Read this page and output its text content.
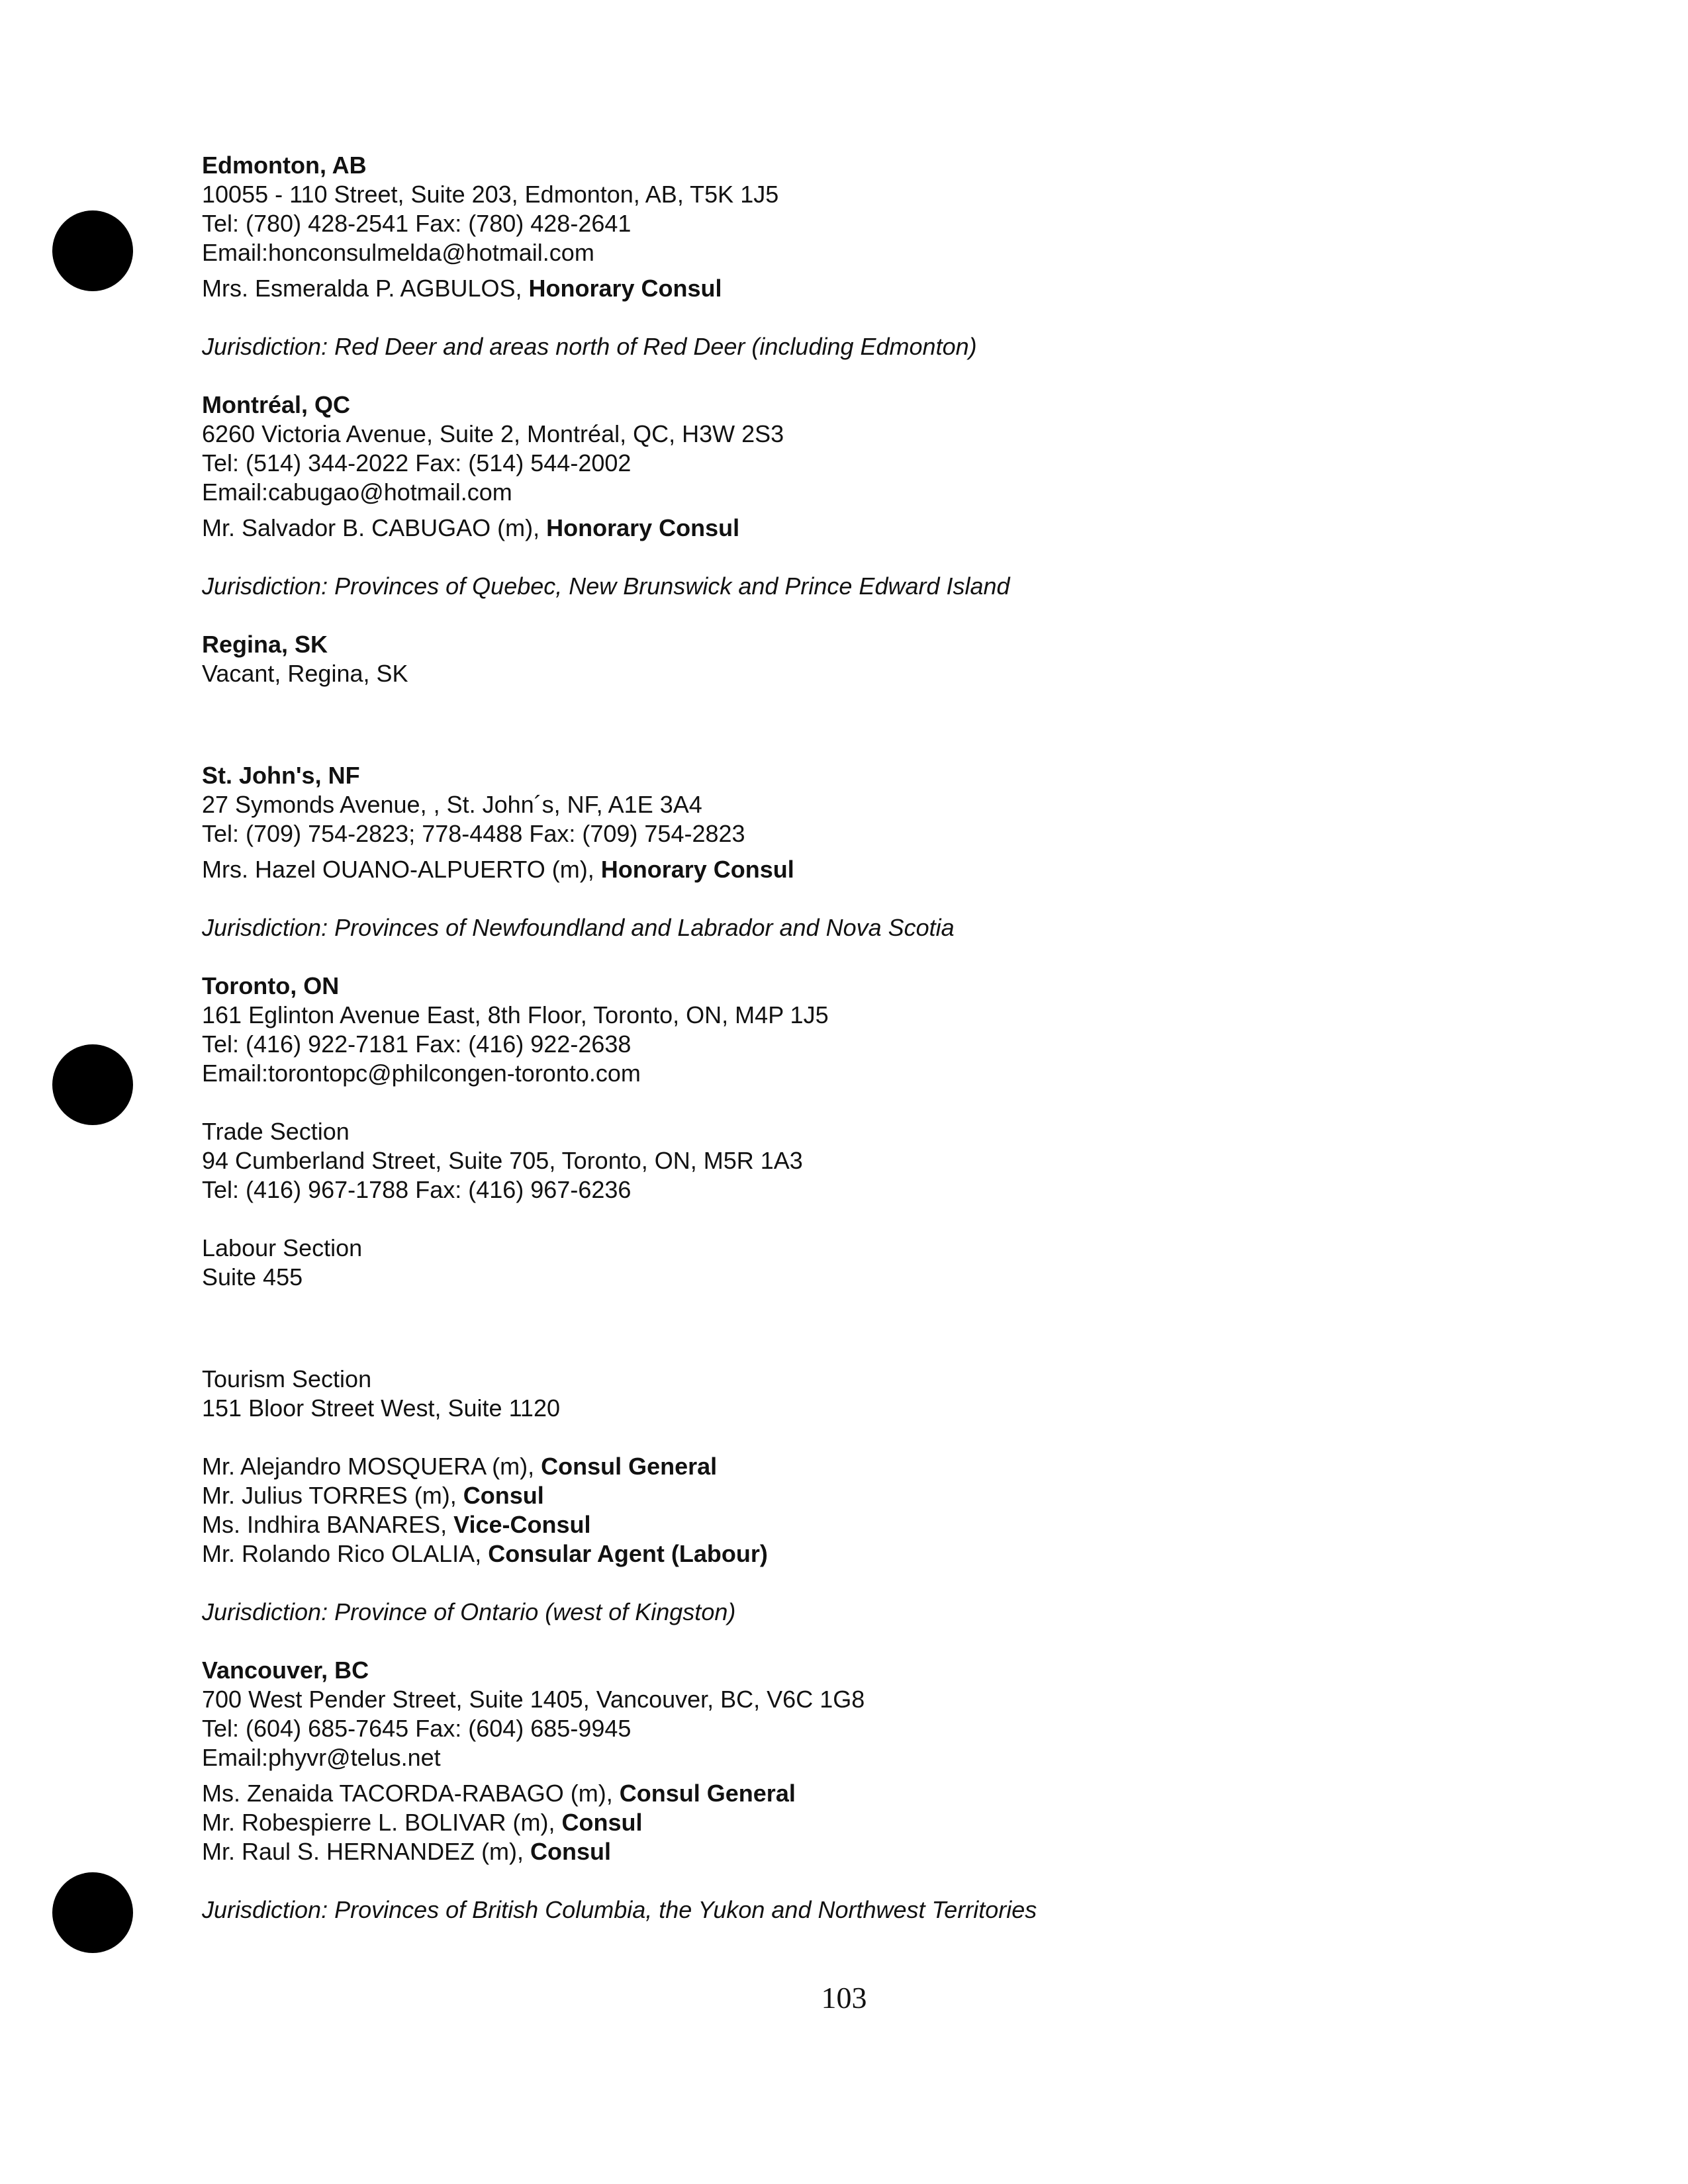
Edmonton, AB
10055 - 110 Street, Suite 203, Edmonton, AB, T5K 1J5
Tel: (780) 428-2541 Fax: (780) 428-2641
Email:honconsulmelda@hotmail.com
Mrs. Esmeralda P. AGBULOS, Honorary Consul
Jurisdiction: Red Deer and areas north of Red Deer (including Edmonton)
Montréal, QC
6260 Victoria Avenue, Suite 2, Montréal, QC, H3W 2S3
Tel: (514) 344-2022 Fax: (514) 544-2002
Email:cabugao@hotmail.com
Mr. Salvador B. CABUGAO (m), Honorary Consul
Jurisdiction: Provinces of Quebec, New Brunswick and Prince Edward Island
Regina, SK
Vacant, Regina, SK
St. John's, NF
27 Symonds Avenue, , St. John´s, NF, A1E 3A4
Tel: (709) 754-2823; 778-4488 Fax: (709) 754-2823
Mrs. Hazel OUANO-ALPUERTO (m), Honorary Consul
Jurisdiction: Provinces of Newfoundland and Labrador and Nova Scotia
Toronto, ON
161 Eglinton Avenue East, 8th Floor, Toronto, ON, M4P 1J5
Tel: (416) 922-7181 Fax: (416) 922-2638
Email:torontopc@philcongen-toronto.com
Trade Section
94 Cumberland Street, Suite 705, Toronto, ON, M5R 1A3
Tel: (416) 967-1788 Fax: (416) 967-6236
Labour Section
Suite 455
Tourism Section
151 Bloor Street West, Suite 1120
Mr. Alejandro MOSQUERA (m), Consul General
Mr. Julius TORRES (m), Consul
Ms. Indhira BANARES, Vice-Consul
Mr. Rolando Rico OLALIA, Consular Agent (Labour)
Jurisdiction: Province of Ontario (west of Kingston)
Vancouver, BC
700 West Pender Street, Suite 1405, Vancouver, BC, V6C 1G8
Tel: (604) 685-7645 Fax: (604) 685-9945
Email:phyvr@telus.net
Ms. Zenaida TACORDA-RABAGO (m), Consul General
Mr. Robespierre L. BOLIVAR (m), Consul
Mr. Raul S. HERNANDEZ (m), Consul
Jurisdiction: Provinces of British Columbia, the Yukon and Northwest Territories
103
